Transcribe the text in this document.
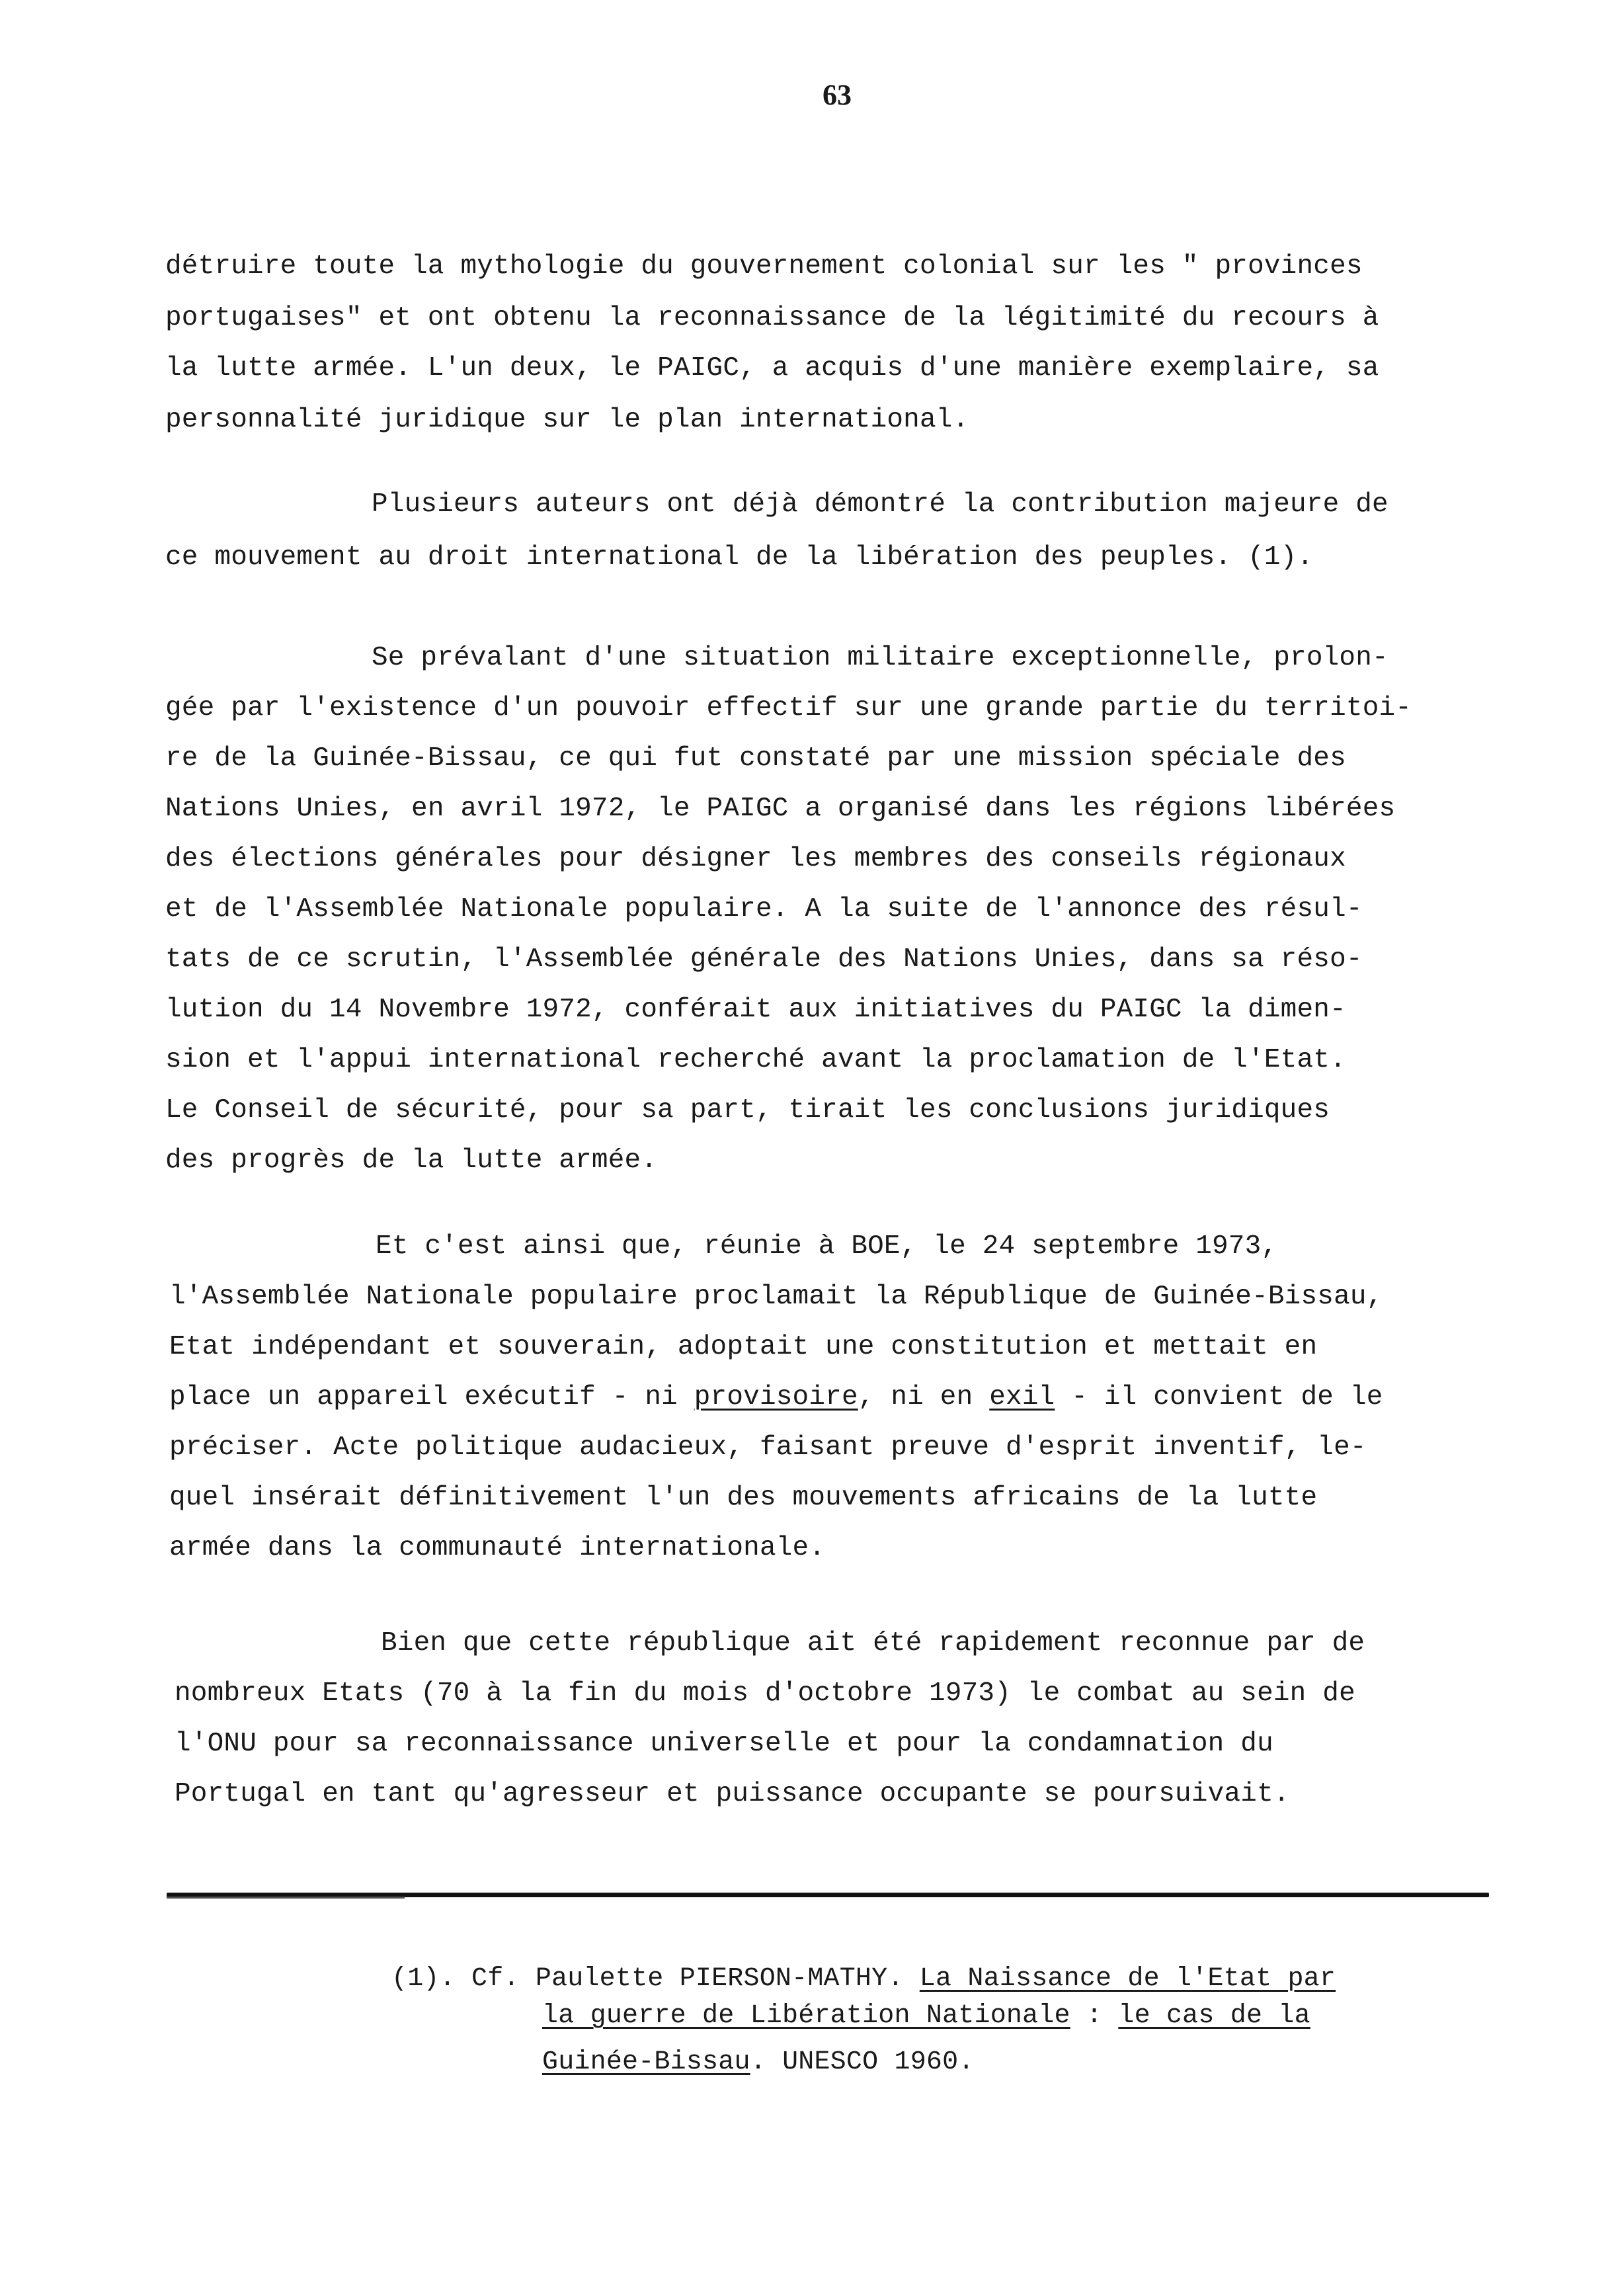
63
détruire toute la mythologie du gouvernement colonial sur les " provinces
portugaises" et ont obtenu la reconnaissance de la légitimité du recours à
la lutte armée. L'un deux, le PAIGC, a acquis d'une manière exemplaire, sa
personnalité juridique sur le plan international.
Plusieurs auteurs ont déjà démontré la contribution majeure de
ce mouvement au droit international de la libération des peuples. (1).
Se prévalant d'une situation militaire exceptionnelle, prolon-
gée par l'existence d'un pouvoir effectif sur une grande partie du territoi-
re de la Guinée-Bissau, ce qui fut constaté par une mission spéciale des
Nations Unies, en avril 1972, le PAIGC a organisé dans les régions libérées
des élections générales pour désigner les membres des conseils régionaux
et de l'Assemblée Nationale populaire. A la suite de l'annonce des résul-
tats de ce scrutin, l'Assemblée générale des Nations Unies, dans sa réso-
lution du 14 Novembre 1972, conférait aux initiatives du PAIGC la dimen-
sion et l'appui international recherché avant la proclamation de l'Etat.
Le Conseil de sécurité, pour sa part, tirait les conclusions juridiques
des progrès de la lutte armée.
Et c'est ainsi que, réunie à BOE, le 24 septembre 1973,
l'Assemblée Nationale populaire proclamait la République de Guinée-Bissau,
Etat indépendant et souverain, adoptait une constitution et mettait en
place un appareil exécutif - ni provisoire, ni en exil - il convient de le
préciser. Acte politique audacieux, faisant preuve d'esprit inventif, le-
quel insérait définitivement l'un des mouvements africains de la lutte
armée dans la communauté internationale.
Bien que cette république ait été rapidement reconnue par de
nombreux Etats (70 à la fin du mois d'octobre 1973) le combat au sein de
l'ONU pour sa reconnaissance universelle et pour la condamnation du
Portugal en tant qu'agresseur et puissance occupante se poursuivait.
(1). Cf. Paulette PIERSON-MATHY. La Naissance de l'Etat par
la guerre de Libération Nationale : le cas de la
Guinée-Bissau. UNESCO 1960.
